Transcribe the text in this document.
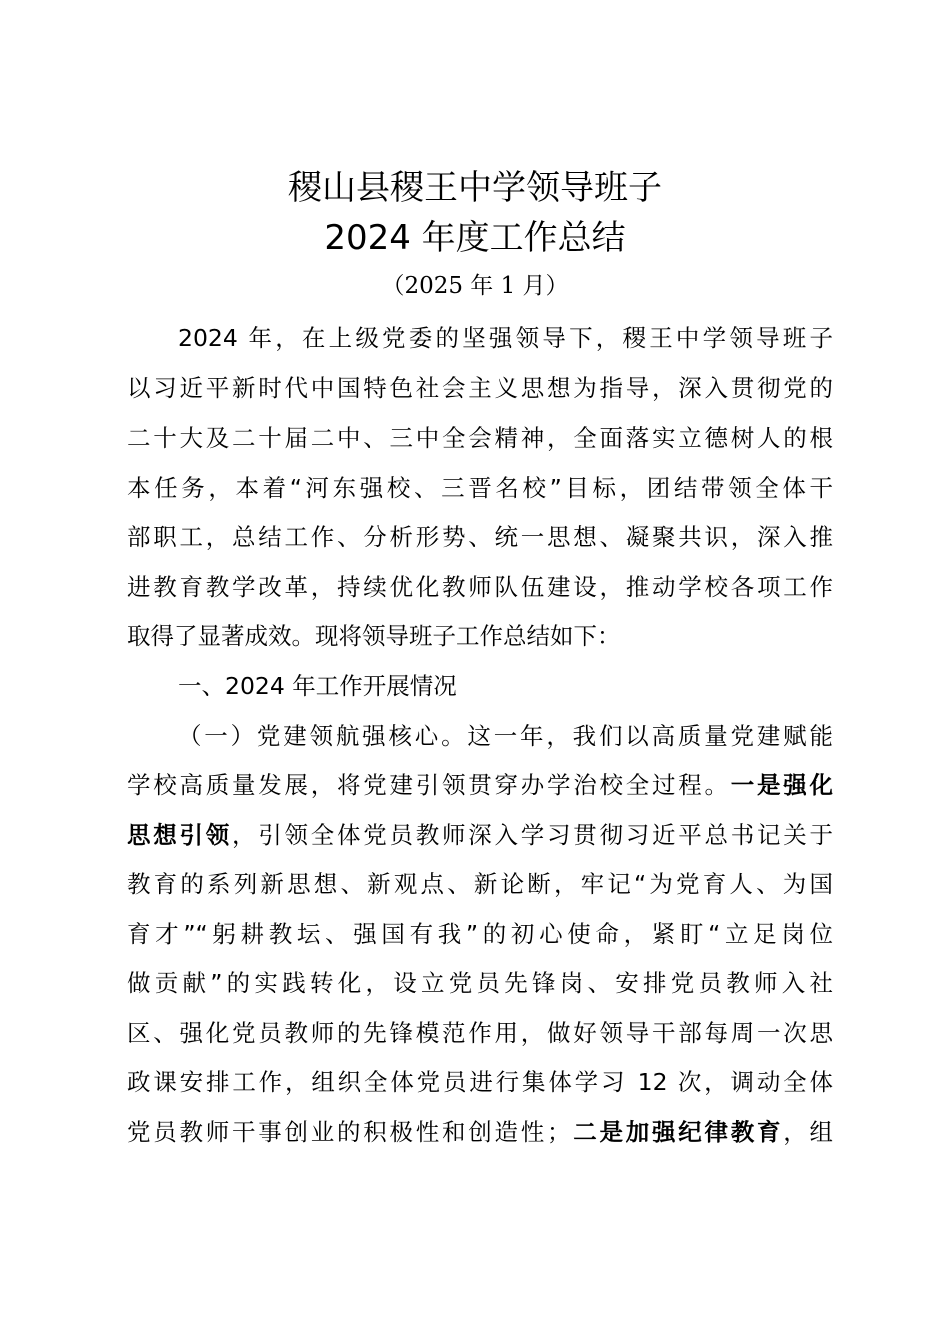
稷山县稷王中学领导班子
2024 年度工作总结
（2025 年 1 月）
2024 年，在上级党委的坚强领导下，稷王中学领导班子
以习近平新时代中国特色社会主义思想为指导，深入贯彻党的
二十大及二十届二中、三中全会精神，全面落实立德树人的根
本任务，本着“河东强校、三晋名校”目标，团结带领全体干
部职工，总结工作、分析形势、统一思想、凝聚共识，深入推
进教育教学改革，持续优化教师队伍建设，推动学校各项工作
取得了显著成效。现将领导班子工作总结如下：
一、2024 年工作开展情况
（一）党建领航强核心。这一年，我们以高质量党建赋能
学校高质量发展，将党建引领贯穿办学治校全过程。一是强化
思想引领，引领全体党员教师深入学习贯彻习近平总书记关于
教育的系列新思想、新观点、新论断，牢记“为党育人、为国
育才”“躬耕教坛、强国有我”的初心使命，紧盯“立足岗位
做贡献”的实践转化，设立党员先锋岗、安排党员教师入社
区、强化党员教师的先锋模范作用，做好领导干部每周一次思
政课安排工作，组织全体党员进行集体学习 12 次，调动全体
党员教师干事创业的积极性和创造性；二是加强纪律教育，组
